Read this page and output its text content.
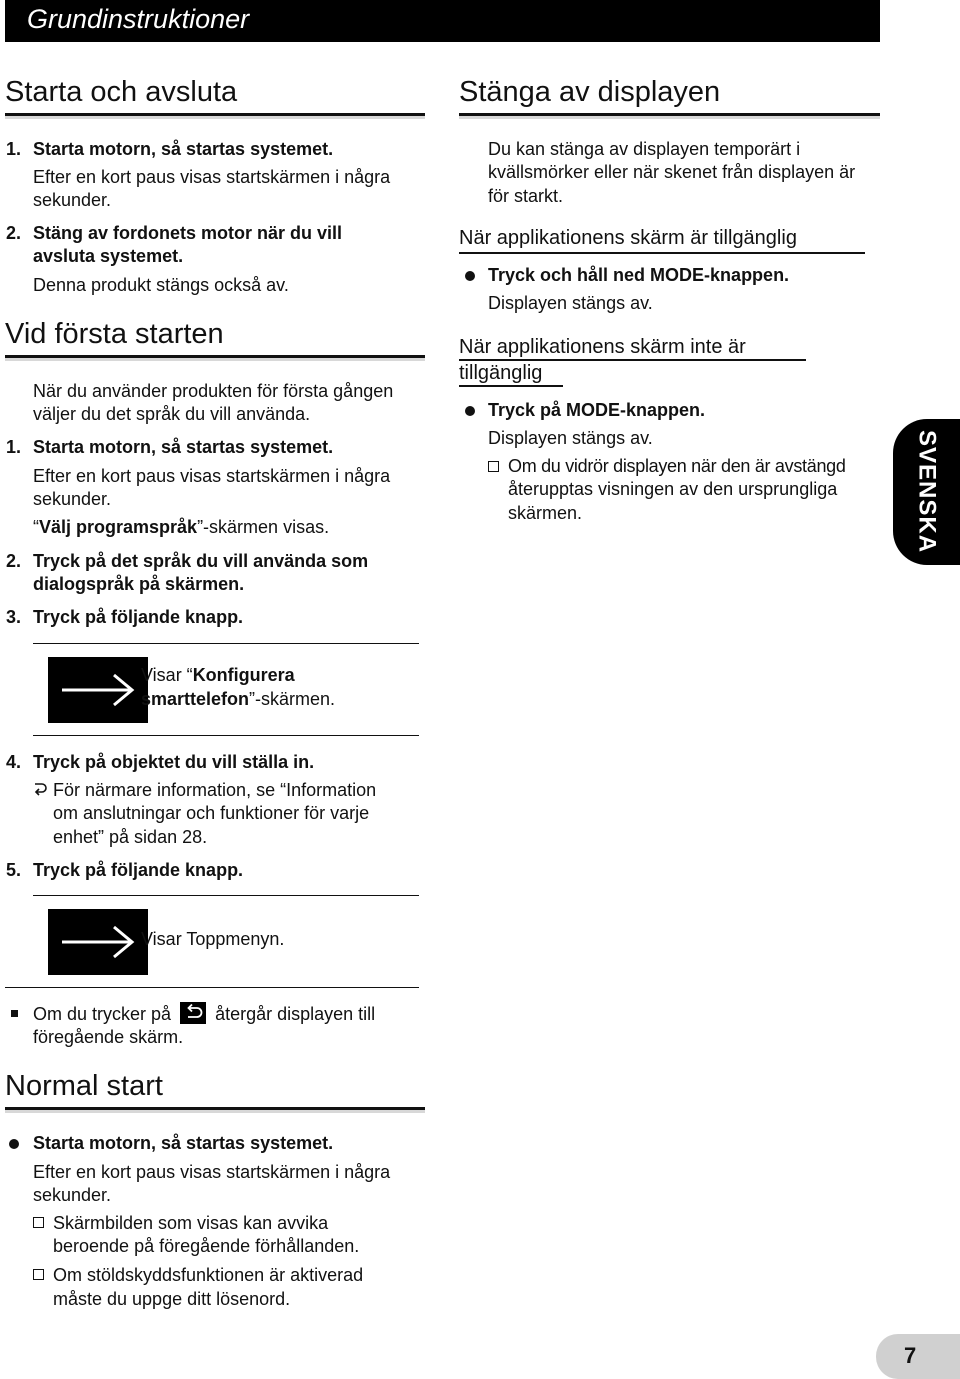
Grundinstruktioner
Starta och avsluta
1. Starta motorn, så startas systemet.
Efter en kort paus visas startskärmen i några
sekunder.
2. Stäng av fordonets motor när du vill
avsluta systemet.
Denna produkt stängs också av.
Vid första starten
När du använder produkten för första gången
väljer du det språk du vill använda.
1. Starta motorn, så startas systemet.
Efter en kort paus visas startskärmen i några
sekunder.
“Välj programspråk”-skärmen visas.
2. Tryck på det språk du vill använda som
dialogspråk på skärmen.
3. Tryck på följande knapp.
Visar “Konfigurera
smarttelefon”-skärmen.
4. Tryck på objektet du vill ställa in.
För närmare information, se “Information
om anslutningar och funktioner för varje
enhet” på sidan 28.
5. Tryck på följande knapp.
Visar Toppmenyn.
Om du trycker på återgår displayen till
föregående skärm.
Normal start
Starta motorn, så startas systemet.
Efter en kort paus visas startskärmen i några
sekunder.
Skärmbilden som visas kan avvika
beroende på föregående förhållanden.
Om stöldskyddsfunktionen är aktiverad
måste du uppge ditt lösenord.
Stänga av displayen
Du kan stänga av displayen temporärt i
kvällsmörker eller när skenet från displayen är
för starkt.
När applikationens skärm är tillgänglig
Tryck och håll ned MODE-knappen.
Displayen stängs av.
När applikationens skärm inte är
tillgänglig
Tryck på MODE-knappen.
Displayen stängs av.
Om du vidrör displayen när den är avstängd
återupptas visningen av den ursprungliga
skärmen.	SVENSKA
7
